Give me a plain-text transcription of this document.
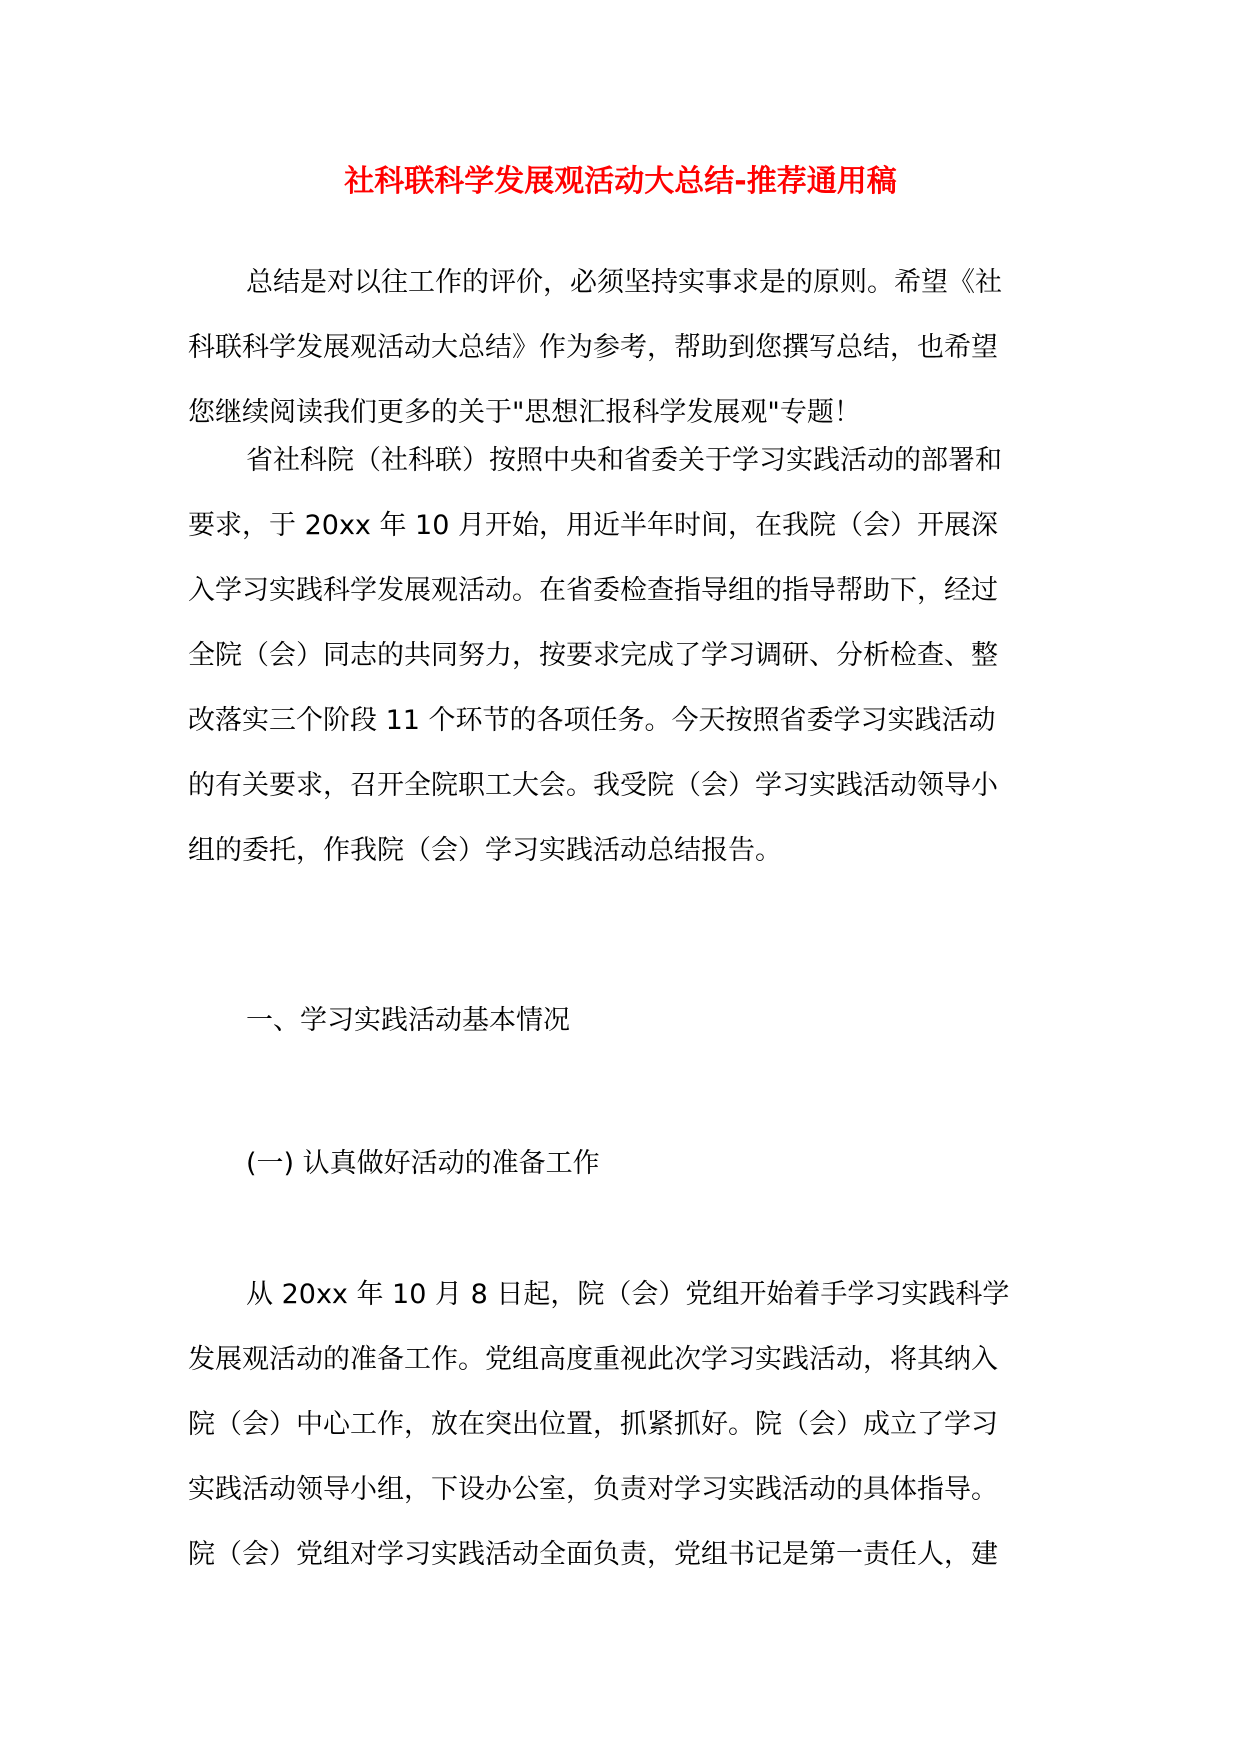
社科联科学发展观活动大总结-推荐通用稿
总结是对以往工作的评价，必须坚持实事求是的原则。希望《社
科联科学发展观活动大总结》作为参考，帮助到您撰写总结，也希望
您继续阅读我们更多的关于"思想汇报科学发展观"专题！
省社科院（社科联）按照中央和省委关于学习实践活动的部署和
要求，于 20xx 年 10 月开始，用近半年时间，在我院（会）开展深
入学习实践科学发展观活动。在省委检查指导组的指导帮助下，经过
全院（会）同志的共同努力，按要求完成了学习调研、分析检查、整
改落实三个阶段 11 个环节的各项任务。今天按照省委学习实践活动
的有关要求，召开全院职工大会。我受院（会）学习实践活动领导小
组的委托，作我院（会）学习实践活动总结报告。
一、学习实践活动基本情况
(一) 认真做好活动的准备工作
从 20xx 年 10 月 8 日起，院（会）党组开始着手学习实践科学
发展观活动的准备工作。党组高度重视此次学习实践活动，将其纳入
院（会）中心工作，放在突出位置，抓紧抓好。院（会）成立了学习
实践活动领导小组，下设办公室，负责对学习实践活动的具体指导。
院（会）党组对学习实践活动全面负责，党组书记是第一责任人，建
